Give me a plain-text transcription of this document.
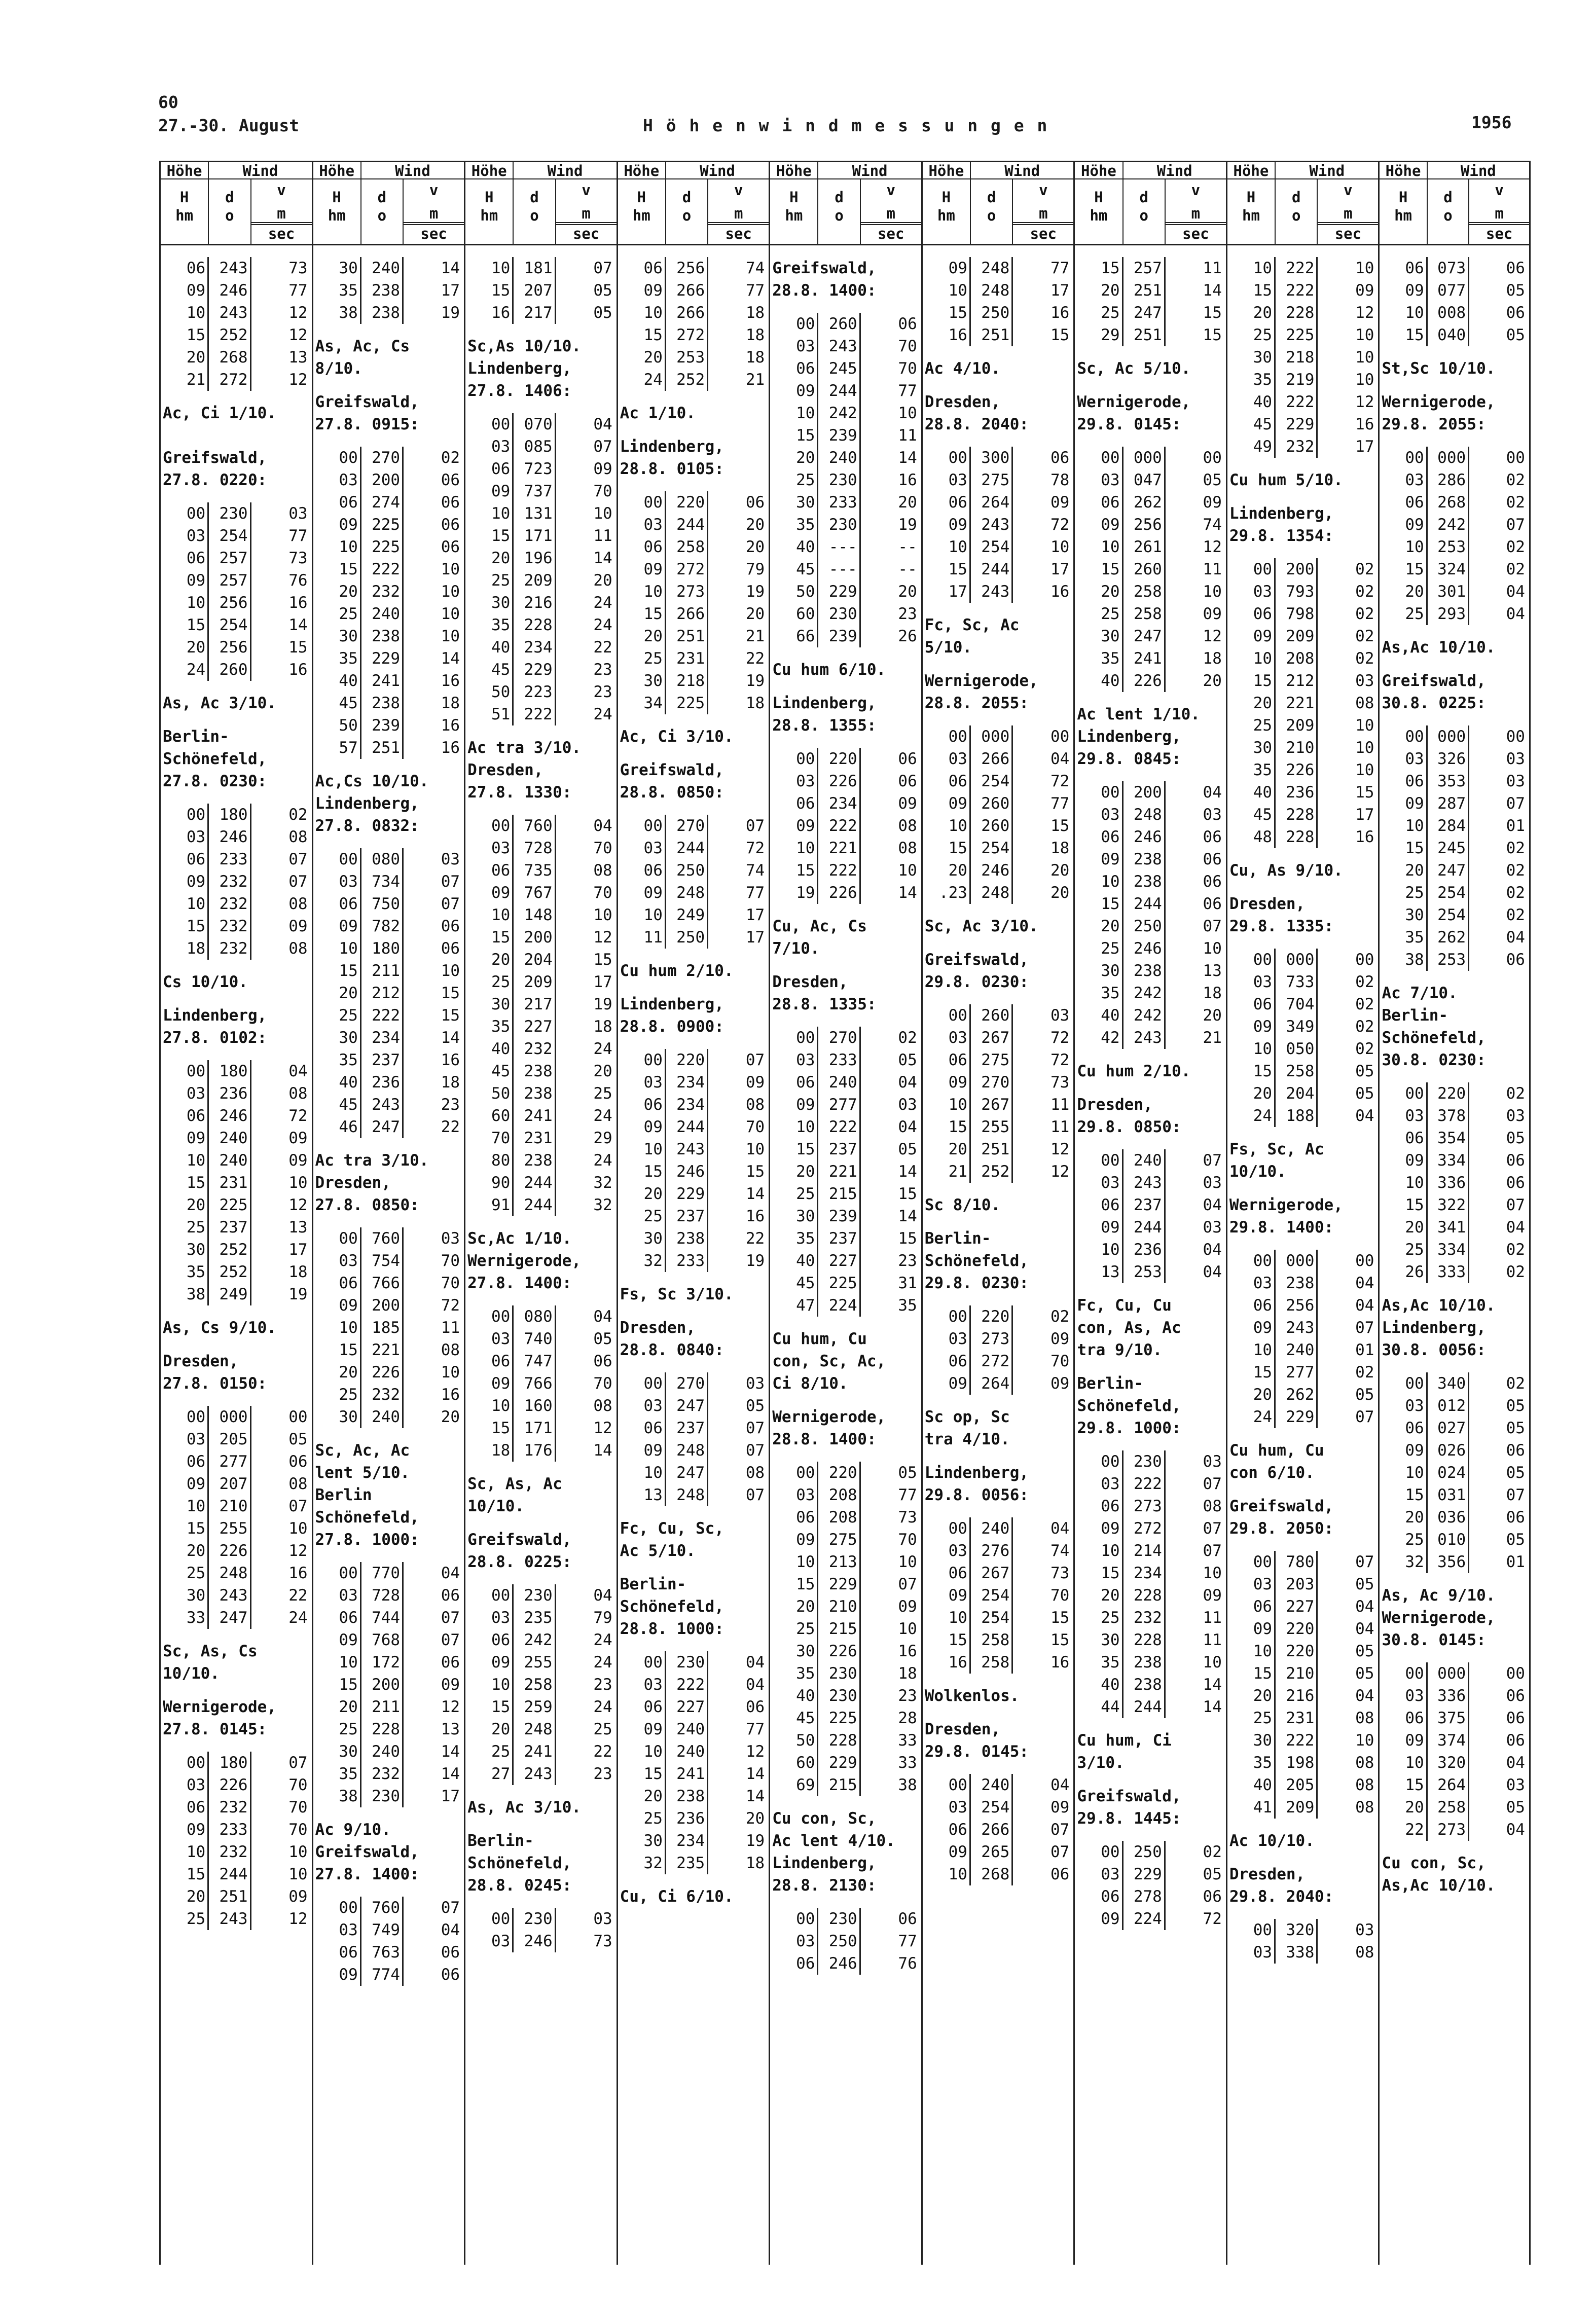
60
27.-30. August	H ö h e n w i n d m e s s u n g e n	1956
Höhe	Wind
H
hm
d
o
v
m
sec
06 243	73
09 246	77
10 243	12
15 252	12
20 268	13
21 272	12
Ac, Ci 1/10.
Greifswald,
27.8. 0220:
00 230	03
03 254	77
06 257	73
09 257	76
10 256	16
15 254	14
20 256	15
24 260	16
As, Ac 3/10.
Berlin-
Schönefeld,
27.8. 0230:
00 180	02
03 246	08
06 233	07
09 232	07
10 232	08
15 232	09
18 232	08
Cs 10/10.
Lindenberg,
27.8. 0102:
00 180	04
03 236	08
06 246	72
09 240	09
10 240	09
15 231	10
20 225	12
25 237	13
30 252	17
35 252	18
38 249	19
As, Cs 9/10.
Dresden,
27.8. 0150:
00 000	00
03 205	05
06 277	06
09 207	08
10 210	07
15 255	10
20 226	12
25 248	16
30 243	22
33 247	24
Sc, As, Cs
10/10.
Wernigerode,
27.8. 0145:
00 180	07
03 226	70
06 232	70
09 233	70
10 232	10
15 244	10
20 251	09
25 243	12
Höhe	Wind
H
hm
d
o
v
m
sec
30 240	14
35 238	17
38 238	19
As, Ac, Cs
8/10.
Greifswald,
27.8. 0915:
00 270	02
03 200	06
06 274	06
09 225	06
10 225	06
15 222	10
20 232	10
25 240	10
30 238	10
35 229	14
40 241	16
45 238	18
50 239	16
57 251	16
Ac,Cs 10/10.
Lindenberg,
27.8. 0832:
00 080	03
03 734	07
06 750	07
09 782	06
10 180	06
15 211	10
20 212	15
25 222	15
30 234	14
35 237	16
40 236	18
45 243	23
46 247	22
Ac tra 3/10.
Dresden,
27.8. 0850:
00 760	03
03 754	70
06 766	70
09 200	72
10 185	11
15 221	08
20 226	10
25 232	16
30 240	20
Sc, Ac, Ac
lent 5/10.
Berlin
Schönefeld,
27.8. 1000:
00 770	04
03 728	06
06 744	07
09 768	07
10 172	06
15 200	09
20 211	12
25 228	13
30 240	14
35 232	14
38 230	17
Ac 9/10.
Greifswald,
27.8. 1400:
00 760	07
03 749	04
06 763	06
09 774	06
Höhe	Wind
H
hm
d
o
v
m
sec
10 181	07
15 207	05
16 217	05
Sc,As 10/10.
Lindenberg,
27.8. 1406:
00 070	04
03 085	07
06 723	09
09 737	70
10 131	10
15 171	11
20 196	14
25 209	20
30 216	24
35 228	24
40 234	22
45 229	23
50 223	23
51 222	24
Ac tra 3/10.
Dresden,
27.8. 1330:
00 760	04
03 728	70
06 735	08
09 767	70
10 148	10
15 200	12
20 204	15
25 209	17
30 217	19
35 227	18
40 232	24
45 238	20
50 238	25
60 241	24
70 231	29
80 238	24
90 244	32
91 244	32
Sc,Ac 1/10.
Wernigerode,
27.8. 1400:
00 080	04
03 740	05
06 747	06
09 766	70
10 160	08
15 171	12
18 176	14
Sc, As, Ac
10/10.
Greifswald,
28.8. 0225:
00 230	04
03 235	79
06 242	24
09 255	24
10 258	23
15 259	24
20 248	25
25 241	22
27 243	23
As, Ac 3/10.
Berlin-
Schönefeld,
28.8. 0245:
00 230	03
03 246	73
Höhe	Wind
H
hm
d
o
v
m
sec
06 256	74
09 266	77
10 266	18
15 272	18
20 253	18
24 252	21
Ac 1/10.
Lindenberg,
28.8. 0105:
00 220	06
03 244	20
06 258	20
09 272	79
10 273	19
15 266	20
20 251	21
25 231	22
30 218	19
34 225	18
Ac, Ci 3/10.
Greifswald,
28.8. 0850:
00 270	07
03 244	72
06 250	74
09 248	77
10 249	17
11 250	17
Cu hum 2/10.
Lindenberg,
28.8. 0900:
00 220	07
03 234	09
06 234	08
09 244	70
10 243	10
15 246	15
20 229	14
25 237	16
30 238	22
32 233	19
Fs, Sc 3/10.
Dresden,
28.8. 0840:
00 270	03
03 247	05
06 237	07
09 248	07
10 247	08
13 248	07
Fc, Cu, Sc,
Ac 5/10.
Berlin-
Schönefeld,
28.8. 1000:
00 230	04
03 222	04
06 227	06
09 240	77
10 240	12
15 241	14
20 238	14
25 236	20
30 234	19
32 235	18
Cu, Ci 6/10.
Höhe	Wind
H
hm
d
o
v
m
sec
Greifswald,
28.8. 1400:
00 260	06
03 243	70
06 245	70
09 244	77
10 242	10
15 239	11
20 240	14
25 230	16
30 233	20
35 230	19
40 ---	--
45 ---	--
50 229	20
60 230	23
66 239	26
Cu hum 6/10.
Lindenberg,
28.8. 1355:
00 220	06
03 226	06
06 234	09
09 222	08
10 221	08
15 222	10
19 226	14
Cu, Ac, Cs
7/10.
Dresden,
28.8. 1335:
00 270	02
03 233	05
06 240	04
09 277	03
10 222	04
15 237	05
20 221	14
25 215	15
30 239	14
35 237	15
40 227	23
45 225	31
47 224	35
Cu hum, Cu
con, Sc, Ac,
Ci 8/10.
Wernigerode,
28.8. 1400:
00 220	05
03 208	77
06 208	73
09 275	70
10 213	10
15 229	07
20 210	09
25 215	10
30 226	16
35 230	18
40 230	23
45 225	28
50 228	33
60 229	33
69 215	38
Cu con, Sc,
Ac lent 4/10.
Lindenberg,
28.8. 2130:
00 230	06
03 250	77
06 246	76
Höhe	Wind
H
hm
d
o
v
m
sec
09 248	77
10 248	17
15 250	16
16 251	15
Ac 4/10.
Dresden,
28.8. 2040:
00 300	06
03 275	78
06 264	09
09 243	72
10 254	10
15 244	17
17 243	16
Fc, Sc, Ac
5/10.
Wernigerode,
28.8. 2055:
00 000	00
03 266	04
06 254	72
09 260	77
10 260	15
15 254	18
20 246	20
.23 248	20
Sc, Ac 3/10.
Greifswald,
29.8. 0230:
00 260	03
03 267	72
06 275	72
09 270	73
10 267	11
15 255	11
20 251	12
21 252	12
Sc 8/10.
Berlin-
Schönefeld,
29.8. 0230:
00 220	02
03 273	09
06 272	70
09 264	09
Sc op, Sc
tra 4/10.
Lindenberg,
29.8. 0056:
00 240	04
03 276	74
06 267	73
09 254	70
10 254	15
15 258	15
16 258	16
Wolkenlos.
Dresden,
29.8. 0145:
00 240	04
03 254	09
06 266	07
09 265	07
10 268	06
Höhe	Wind
H
hm
d
o
v
m
sec
15 257	11
20 251	14
25 247	15
29 251	15
Sc, Ac 5/10.
Wernigerode,
29.8. 0145:
00 000	00
03 047	05
06 262	09
09 256	74
10 261	12
15 260	11
20 258	10
25 258	09
30 247	12
35 241	18
40 226	20
Ac lent 1/10.
Lindenberg,
29.8. 0845:
00 200	04
03 248	03
06 246	06
09 238	06
10 238	06
15 244	06
20 250	07
25 246	10
30 238	13
35 242	18
40 242	20
42 243	21
Cu hum 2/10.
Dresden,
29.8. 0850:
00 240	07
03 243	03
06 237	04
09 244	03
10 236	04
13 253	04
Fc, Cu, Cu
con, As, Ac
tra 9/10.
Berlin-
Schönefeld,
29.8. 1000:
00 230	03
03 222	07
06 273	08
09 272	07
10 214	07
15 234	10
20 228	09
25 232	11
30 228	11
35 238	10
40 238	14
44 244	14
Cu hum, Ci
3/10.
Greifswald,
29.8. 1445:
00 250	02
03 229	05
06 278	06
09 224	72
Höhe	Wind
H
hm
d
o
v
m
sec
10 222	10
15 222	09
20 228	12
25 225	10
30 218	10
35 219	10
40 222	12
45 229	16
49 232	17
Cu hum 5/10.
Lindenberg,
29.8. 1354:
00 200	02
03 793	02
06 798	02
09 209	02
10 208	02
15 212	03
20 221	08
25 209	10
30 210	10
35 226	10
40 236	15
45 228	17
48 228	16
Cu, As 9/10.
Dresden,
29.8. 1335:
00 000	00
03 733	02
06 704	02
09 349	02
10 050	02
15 258	05
20 204	05
24 188	04
Fs, Sc, Ac
10/10.
Wernigerode,
29.8. 1400:
00 000	00
03 238	04
06 256	04
09 243	07
10 240	01
15 277	02
20 262	05
24 229	07
Cu hum, Cu
con 6/10.
Greifswald,
29.8. 2050:
00 780	07
03 203	05
06 227	04
09 220	04
10 220	05
15 210	05
20 216	04
25 231	08
30 222	10
35 198	08
40 205	08
41 209	08
Ac 10/10.
Dresden,
29.8. 2040:
00 320	03
03 338	08
Höhe	Wind
H
hm
d
o
v
m
sec
06 073	06
09 077	05
10 008	06
15 040	05
St,Sc 10/10.
Wernigerode,
29.8. 2055:
00 000	00
03 286	02
06 268	02
09 242	07
10 253	02
15 324	02
20 301	04
25 293	04
As,Ac 10/10.
Greifswald,
30.8. 0225:
00 000	00
03 326	03
06 353	03
09 287	07
10 284	01
15 245	02
20 247	02
25 254	02
30 254	02
35 262	04
38 253	06
Ac 7/10.
Berlin-
Schönefeld,
30.8. 0230:
00 220	02
03 378	03
06 354	05
09 334	06
10 336	06
15 322	07
20 341	04
25 334	02
26 333	02
As,Ac 10/10.
Lindenberg,
30.8. 0056:
00 340	02
03 012	05
06 027	05
09 026	06
10 024	05
15 031	07
20 036	06
25 010	05
32 356	01
As, Ac 9/10.
Wernigerode,
30.8. 0145:
00 000	00
03 336	06
06 375	06
09 374	06
10 320	04
15 264	03
20 258	05
22 273	04
Cu con, Sc,
As,Ac 10/10.
